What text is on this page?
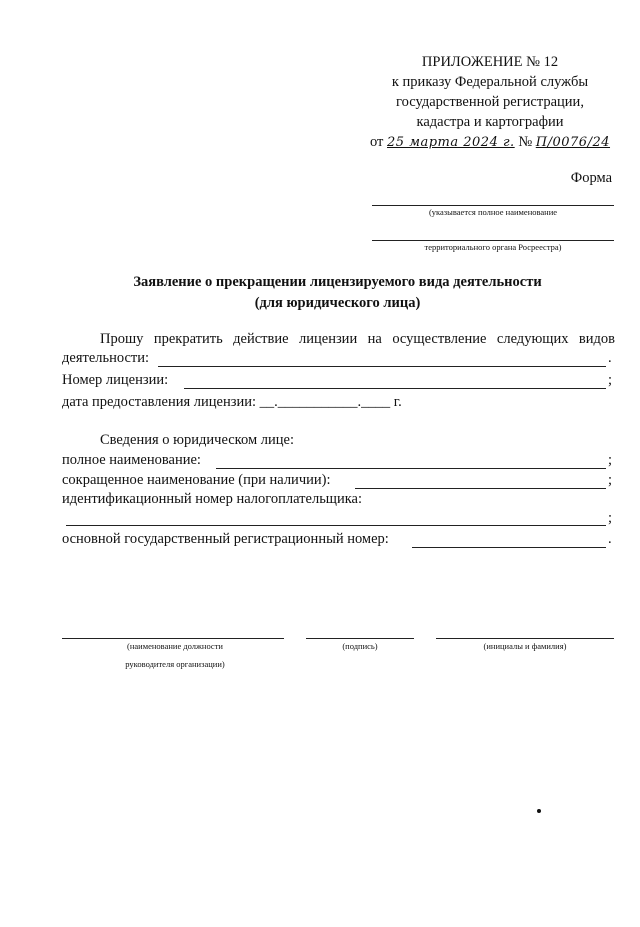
ПРИЛОЖЕНИЕ № 12
к приказу Федеральной службы
государственной регистрации,
кадастра и картографии
от 25 марта 2024 г. № П/0076/24
Форма
(указывается полное наименование
территориального органа Росреестра)
Заявление о прекращении лицензируемого вида деятельности
(для юридического лица)
Прошу прекратить действие лицензии на осуществление следующих видов
деятельности:	.
Номер лицензии:	;
дата предоставления лицензии: __.___________.____ г.
Сведения о юридическом лице:
полное наименование:	;
сокращенное наименование (при наличии):	;
идентификационный номер налогоплательщика:
;
основной государственный регистрационный номер:	.
(наименование должности
руководителя организации)
(подпись)	(инициалы и фамилия)
